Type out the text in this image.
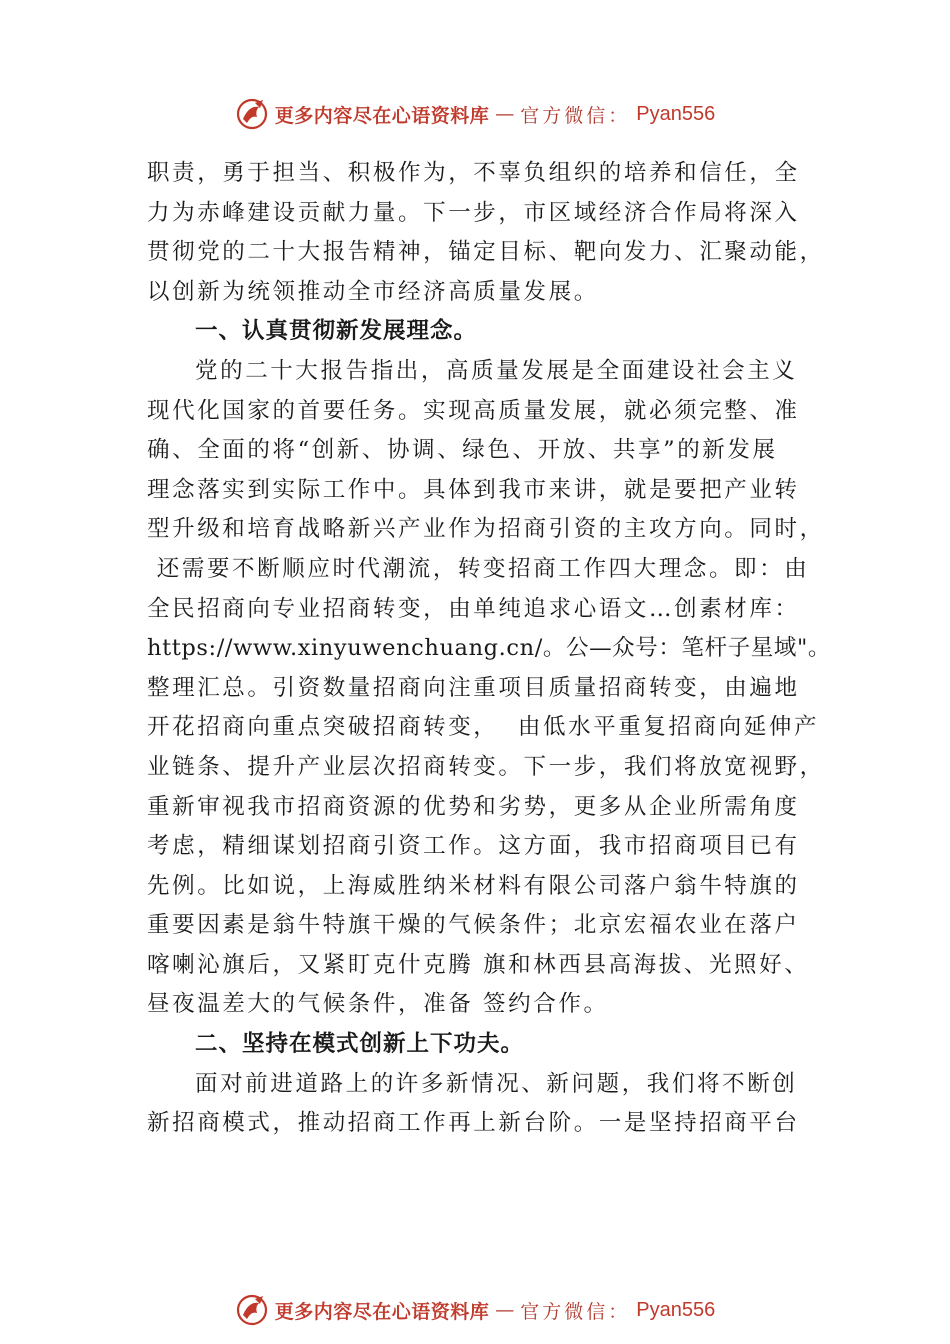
更多内容尽在心语资料库 — 官方微信： Pyan556
职责，勇于担当、积极作为，不辜负组织的培养和信任，全
力为赤峰建设贡献力量。下一步，市区域经济合作局将深入
贯彻党的二十大报告精神，锚定目标、靶向发力、汇聚动能，
以创新为统领推动全市经济高质量发展。
一、认真贯彻新发展理念。
党的二十大报告指出，高质量发展是全面建设社会主义
现代化国家的首要任务。实现高质量发展，就必须完整、准
确、全面的将“创新、协调、绿色、开放、共享”的新发展
理念落实到实际工作中。具体到我市来讲，就是要把产业转
型升级和培育战略新兴产业作为招商引资的主攻方向。同时，
还需要不断顺应时代潮流，转变招商工作四大理念。即：由
全民招商向专业招商转变，由单纯追求心语文…创素材库：
https://www.xinyuwenchuang.cn/。公—众号：笔杆子星域"。
整理汇总。引资数量招商向注重项目质量招商转变，由遍地
开花招商向重点突破招商转变，  由低水平重复招商向延伸产
业链条、提升产业层次招商转变。下一步，我们将放宽视野，
重新审视我市招商资源的优势和劣势，更多从企业所需角度
考虑，精细谋划招商引资工作。这方面，我市招商项目已有
先例。比如说，上海威胜纳米材料有限公司落户翁牛特旗的
重要因素是翁牛特旗干燥的气候条件；北京宏福农业在落户
喀喇沁旗后，又紧盯克什克腾 旗和林西县高海拔、光照好、
昼夜温差大的气候条件，准备 签约合作。
二、坚持在模式创新上下功夫。
面对前进道路上的许多新情况、新问题，我们将不断创
新招商模式，推动招商工作再上新台阶。一是坚持招商平台
更多内容尽在心语资料库 — 官方微信： Pyan556
